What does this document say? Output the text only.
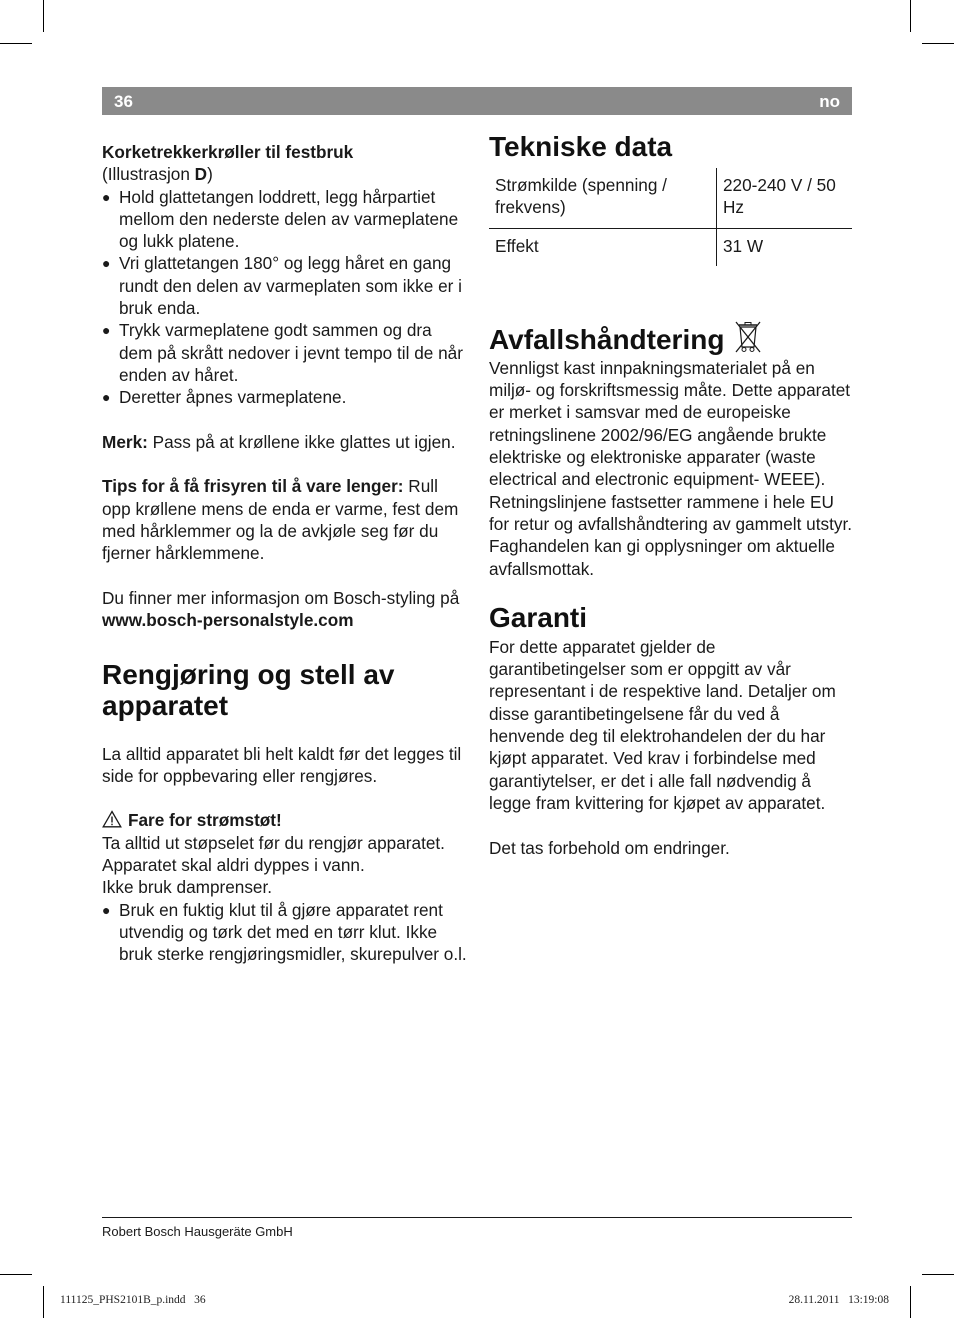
36	no

Korketrekkerkrøller til festbruk

(Illustrasjon D)

● Hold glattetangen loddrett, legg hårpartiet mellom den nederste delen av varmeplatene og lukk platene.
● Vri glattetangen 180° og legg håret en gang rundt den delen av varmeplaten som ikke er i bruk enda.
● Trykk varmeplatene godt sammen og dra dem på skrått nedover i jevnt tempo til de når enden av håret.
● Deretter åpnes varmeplatene.

Merk: Pass på at krøllene ikke glattes ut igjen.

Tips for å få frisyren til å vare lenger: Rull opp krøllene mens de enda er varme, fest dem med hårklemmer og la de avkjøle seg før du fjerner hårklemmene.

Du finner mer informasjon om Bosch-styling på www.bosch-personalstyle.com

Rengjøring og stell av apparatet

La alltid apparatet bli helt kaldt før det legges til side for oppbevaring eller rengjøres.

Fare for strømstøt!

Ta alltid ut støpselet før du rengjør apparatet.

Apparatet skal aldri dyppes i vann.

Ikke bruk damprenser.

● Bruk en fuktig klut til å gjøre apparatet rent utvendig og tørk det med en tørr klut. Ikke bruk sterke rengjøringsmidler, skurepulver o.l.
Tekniske data
Strømkilde (spenning / frekvens)	220-240 V / 50 Hz
Effekt	31 W
Avfallshåndtering

Vennligst kast innpakningsmaterialet på en miljø- og forskriftsmessig måte. Dette apparatet er merket i samsvar med de europeiske retningslinene 2002/96/EG angående brukte elektriske og elektroniske apparater (waste electrical and electronic equipment- WEEE). Retningslinjene fastsetter rammene i hele EU for retur og avfallshåndtering av gammelt utstyr. Faghandelen kan gi opplysninger om aktuelle avfallsmottak.

Garanti

For dette apparatet gjelder de garantibetingelser som er oppgitt av vår representant i de respektive land. Detaljer om disse garantibetingelsene får du ved å henvende deg til elektrohandelen der du har kjøpt apparatet. Ved krav i forbindelse med garantiytelser, er det i alle fall nødvendig å legge fram kvittering for kjøpet av apparatet.

Det tas forbehold om endringer.

Robert Bosch Hausgeräte GmbH
111125_PHS2101B_p.indd   36	28.11.2011   13:19:08
